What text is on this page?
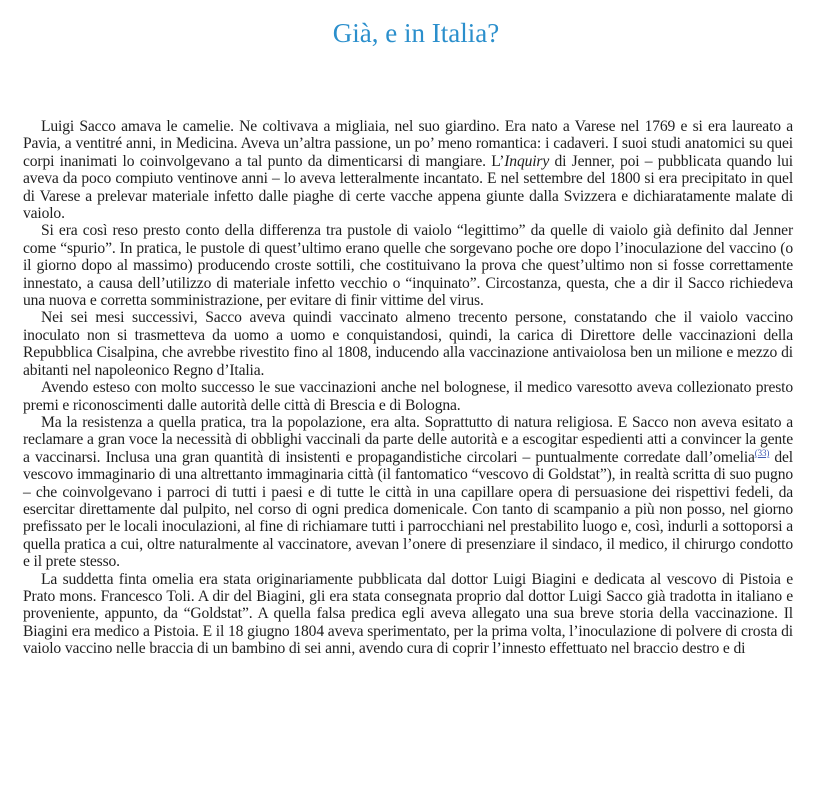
Già, e in Italia?

Luigi Sacco amava le camelie. Ne coltivava a migliaia, nel suo giardino. Era nato a Varese nel 1769 e si era laureato a Pavia, a ventitré anni, in Medicina. Aveva un’altra passione, un po’ meno romantica: i cadaveri. I suoi studi anatomici su quei corpi inanimati lo coinvolgevano a tal punto da dimenticarsi di mangiare. L’Inquiry di Jenner, poi – pubblicata quando lui aveva da poco compiuto ventinove anni – lo aveva letteralmente incantato. E nel settembre del 1800 si era precipitato in quel di Varese a prelevar materiale infetto dalle piaghe di certe vacche appena giunte dalla Svizzera e dichiaratamente malate di vaiolo.

Si era così reso presto conto della differenza tra pustole di vaiolo “legittimo” da quelle di vaiolo già definito dal Jenner come “spurio”. In pratica, le pustole di quest’ultimo erano quelle che sorgevano poche ore dopo l’inoculazione del vaccino (o il giorno dopo al massimo) producendo croste sottili, che costituivano la prova che quest’ultimo non si fosse correttamente innestato, a causa dell’utilizzo di materiale infetto vecchio o “inquinato”. Circostanza, questa, che a dir il Sacco richiedeva una nuova e corretta somministrazione, per evitare di finir vittime del virus.

Nei sei mesi successivi, Sacco aveva quindi vaccinato almeno trecento persone, constatando che il vaiolo vaccino inoculato non si trasmetteva da uomo a uomo e conquistandosi, quindi, la carica di Direttore delle vaccinazioni della Repubblica Cisalpina, che avrebbe rivestito fino al 1808, inducendo alla vaccinazione antivaiolosa ben un milione e mezzo di abitanti nel napoleonico Regno d’Italia.

Avendo esteso con molto successo le sue vaccinazioni anche nel bolognese, il medico varesotto aveva collezionato presto premi e riconoscimenti dalle autorità delle città di Brescia e di Bologna.

Ma la resistenza a quella pratica, tra la popolazione, era alta. Soprattutto di natura religiosa. E Sacco non aveva esitato a reclamare a gran voce la necessità di obblighi vaccinali da parte delle autorità e a escogitar espedienti atti a convincer la gente a vaccinarsi. Inclusa una gran quantità di insistenti e propagandistiche circolari – puntualmente corredate dall’omelia$^{(33)}$ del vescovo immaginario di una altrettanto immaginaria città (il fantomatico “vescovo di Goldstat”), in realtà scritta di suo pugno – che coinvolgevano i parroci di tutti i paesi e di tutte le città in una capillare opera di persuasione dei rispettivi fedeli, da esercitar direttamente dal pulpito, nel corso di ogni predica domenicale. Con tanto di scampanio a più non posso, nel giorno prefissato per le locali inoculazioni, al fine di richiamare tutti i parrocchiani nel prestabilito luogo e, così, indurli a sottoporsi a quella pratica a cui, oltre naturalmente al vaccinatore, avevan l’onere di presenziare il sindaco, il medico, il chirurgo condotto e il prete stesso.

La suddetta finta omelia era stata originariamente pubblicata dal dottor Luigi Biagini e dedicata al vescovo di Pistoia e Prato mons. Francesco Toli. A dir del Biagini, gli era stata consegnata proprio dal dottor Luigi Sacco già tradotta in italiano e proveniente, appunto, da “Goldstat”. A quella falsa predica egli aveva allegato una sua breve storia della vaccinazione. Il Biagini era medico a Pistoia. E il 18 giugno 1804 aveva sperimentato, per la prima volta, l’inoculazione di polvere di crosta di vaiolo vaccino nelle braccia di un bambino di sei anni, avendo cura di coprir l’innesto effettuato nel braccio destro e di
